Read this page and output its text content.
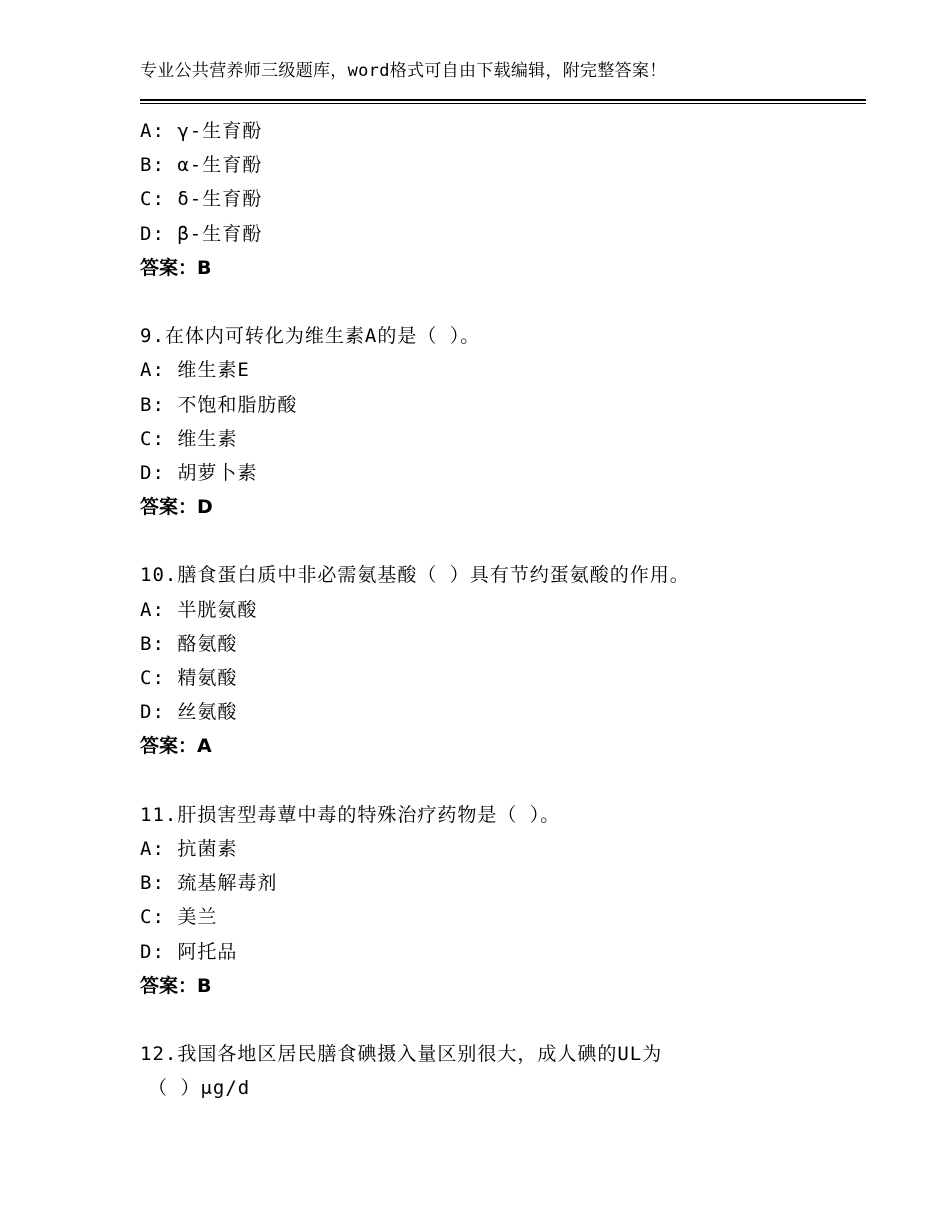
专业公共营养师三级题库，word格式可自由下载编辑，附完整答案！
A: γ-生育酚
B: α-生育酚
C: δ-生育酚
D: β-生育酚
答案：B
9.在体内可转化为维生素A的是（ ）。
A: 维生素E
B: 不饱和脂肪酸
C: 维生素
D: 胡萝卜素
答案：D
10.膳食蛋白质中非必需氨基酸（ ）具有节约蛋氨酸的作用。
A: 半胱氨酸
B: 酪氨酸
C: 精氨酸
D: 丝氨酸
答案：A
11.肝损害型毒蕈中毒的特殊治疗药物是（ ）。
A: 抗菌素
B: 巯基解毒剂
C: 美兰
D: 阿托品
答案：B
12.我国各地区居民膳食碘摄入量区别很大，成人碘的UL为
（ ）μg/d
